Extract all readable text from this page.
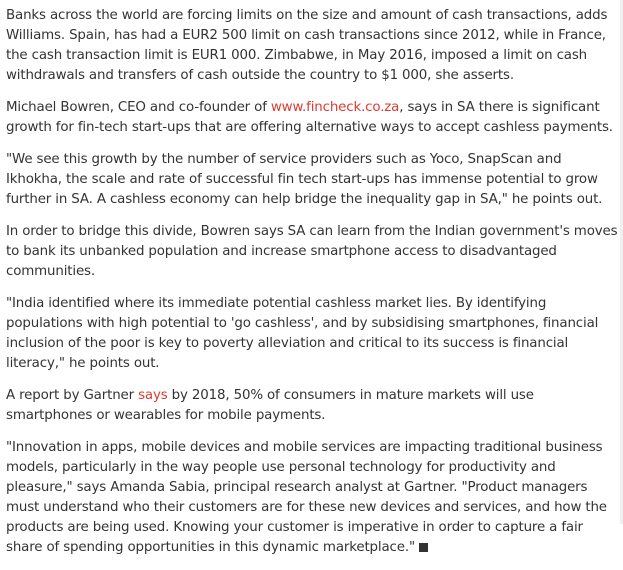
Banks across the world are forcing limits on the size and amount of cash transactions, adds Williams. Spain, has had a EUR2 500 limit on cash transactions since 2012, while in France, the cash transaction limit is EUR1 000. Zimbabwe, in May 2016, imposed a limit on cash withdrawals and transfers of cash outside the country to $1 000, she asserts.

Michael Bowren, CEO and co-founder of www.fincheck.co.za, says in SA there is significant growth for fin-tech start-ups that are offering alternative ways to accept cashless payments.

"We see this growth by the number of service providers such as Yoco, SnapScan and Ikhokha, the scale and rate of successful fin tech start-ups has immense potential to grow further in SA. A cashless economy can help bridge the inequality gap in SA," he points out.

In order to bridge this divide, Bowren says SA can learn from the Indian government's moves to bank its unbanked population and increase smartphone access to disadvantaged communities.

"India identified where its immediate potential cashless market lies. By identifying populations with high potential to 'go cashless', and by subsidising smartphones, financial inclusion of the poor is key to poverty alleviation and critical to its success is financial literacy," he points out.

A report by Gartner says by 2018, 50% of consumers in mature markets will use smartphones or wearables for mobile payments.

"Innovation in apps, mobile devices and mobile services are impacting traditional business models, particularly in the way people use personal technology for productivity and pleasure," says Amanda Sabia, principal research analyst at Gartner. "Product managers must understand who their customers are for these new devices and services, and how the products are being used. Knowing your customer is imperative in order to capture a fair share of spending opportunities in this dynamic marketplace."
